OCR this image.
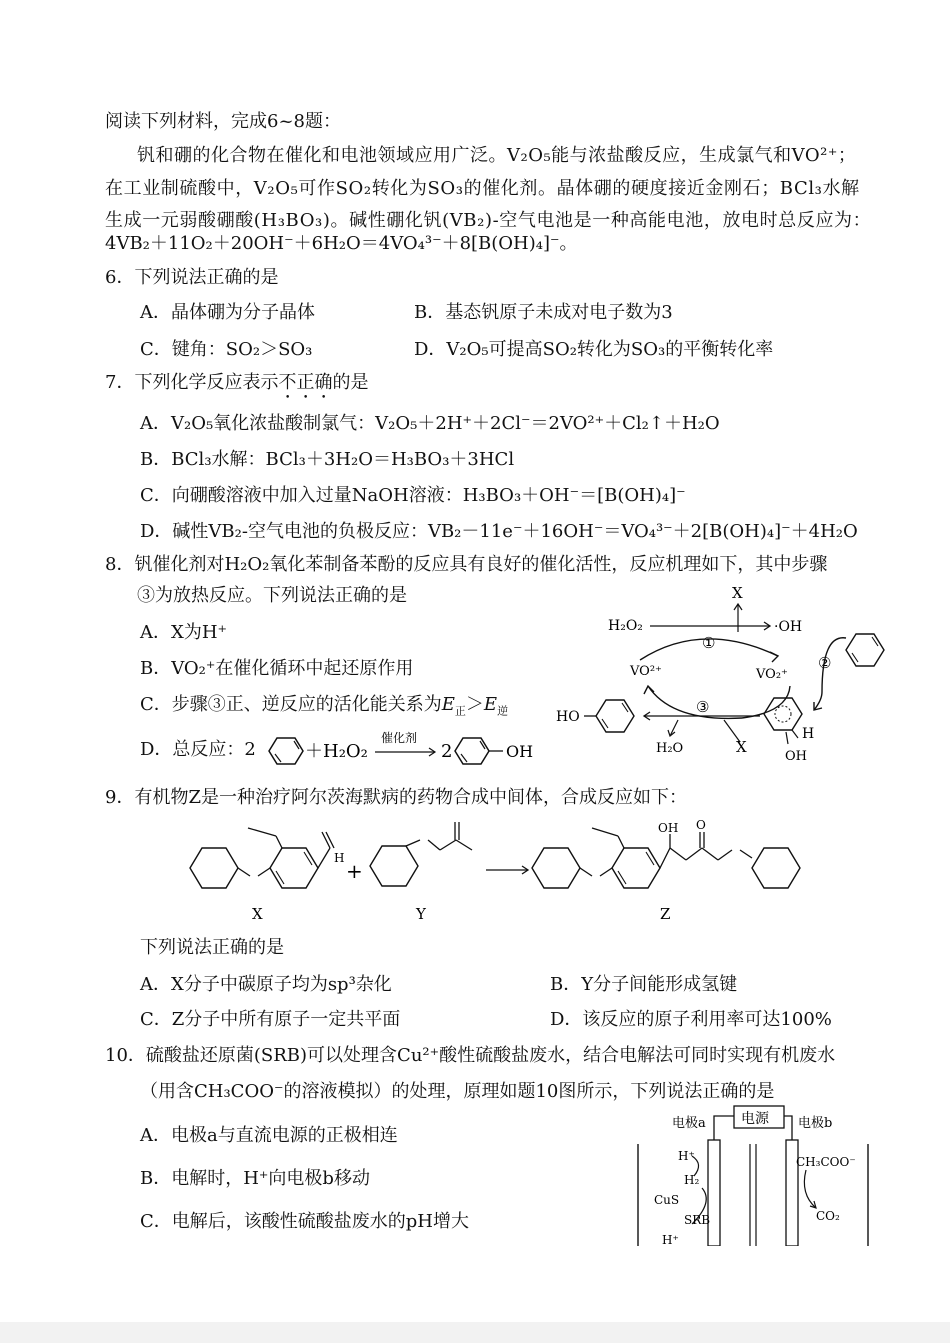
阅读下列材料，完成6~8题：
钒和硼的化合物在催化和电池领域应用广泛。V₂O₅能与浓盐酸反应，生成氯气和VO²⁺；
在工业制硫酸中，V₂O₅可作SO₂转化为SO₃的催化剂。晶体硼的硬度接近金刚石；BCl₃水解
生成一元弱酸硼酸(H₃BO₃)。碱性硼化钒(VB₂)-空气电池是一种高能电池，放电时总反应为：
4VB₂＋11O₂＋20OH⁻＋6H₂O＝4VO₄³⁻＋8[B(OH)₄]⁻。
6．下列说法正确的是
A．晶体硼为分子晶体	B．基态钒原子未成对电子数为3
C．键角：SO₂＞SO₃	D．V₂O₅可提高SO₂转化为SO₃的平衡转化率
7．下列化学反应表示不正确的是
A．V₂O₅氧化浓盐酸制氯气：V₂O₅＋2H⁺＋2Cl⁻＝2VO²⁺＋Cl₂↑＋H₂O
B．BCl₃水解：BCl₃＋3H₂O＝H₃BO₃＋3HCl
C．向硼酸溶液中加入过量NaOH溶液：H₃BO₃＋OH⁻＝[B(OH)₄]⁻
D．碱性VB₂-空气电池的负极反应：VB₂－11e⁻＋16OH⁻＝VO₄³⁻＋2[B(OH)₄]⁻＋4H₂O
8．钒催化剂对H₂O₂氧化苯制备苯酚的反应具有良好的催化活性，反应机理如下，其中步骤
③为放热反应。下列说法正确的是
A．X为H⁺
B．VO₂⁺在催化循环中起还原作用
C．步骤③正、逆反应的活化能关系为$E_正>E_逆$
D．总反应：2	＋H₂O₂
催化剂
2	OH
H₂O₂
X
·OH
①
VO²⁺	VO₂⁺
②
H
OH
③
X
H₂O
HO
9．有机物Z是一种治疗阿尔茨海默病的药物合成中间体，合成反应如下：
H
X
+
Y
OH O
Z
下列说法正确的是
A．X分子中碳原子均为sp³杂化	B．Y分子间能形成氢键
C．Z分子中所有原子一定共平面	D．该反应的原子利用率可达100%
10．硫酸盐还原菌(SRB)可以处理含Cu²⁺酸性硫酸盐废水，结合电解法可同时实现有机废水
（用含CH₃COO⁻的溶液模拟）的处理，原理如题10图所示，下列说法正确的是
A．电极a与直流电源的正极相连
B．电解时，H⁺向电极b移动
C．电解后，该酸性硫酸盐废水的pH增大
电源
电极a	电极b
H⁺
H₂
CuS
SRB
H⁺
CH₃COO⁻
CO₂
